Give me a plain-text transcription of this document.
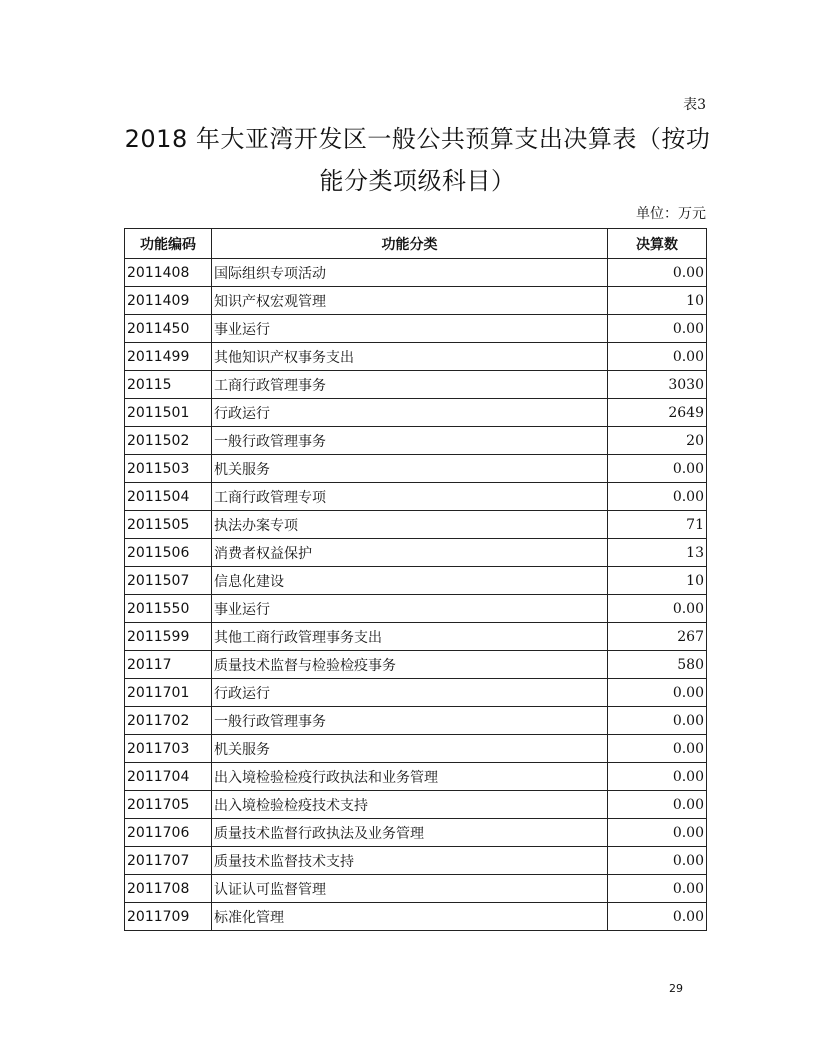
表3
2018 年大亚湾开发区一般公共预算支出决算表（按功
能分类项级科目）
单位：万元
功能编码	功能分类	决算数
2011408	国际组织专项活动	0.00
2011409	知识产权宏观管理	10
2011450	事业运行	0.00
2011499	其他知识产权事务支出	0.00
20115	工商行政管理事务	3030
2011501	行政运行	2649
2011502	一般行政管理事务	20
2011503	机关服务	0.00
2011504	工商行政管理专项	0.00
2011505	执法办案专项	71
2011506	消费者权益保护	13
2011507	信息化建设	10
2011550	事业运行	0.00
2011599	其他工商行政管理事务支出	267
20117	质量技术监督与检验检疫事务	580
2011701	行政运行	0.00
2011702	一般行政管理事务	0.00
2011703	机关服务	0.00
2011704	出入境检验检疫行政执法和业务管理	0.00
2011705	出入境检验检疫技术支持	0.00
2011706	质量技术监督行政执法及业务管理	0.00
2011707	质量技术监督技术支持	0.00
2011708	认证认可监督管理	0.00
2011709	标准化管理	0.00
29
